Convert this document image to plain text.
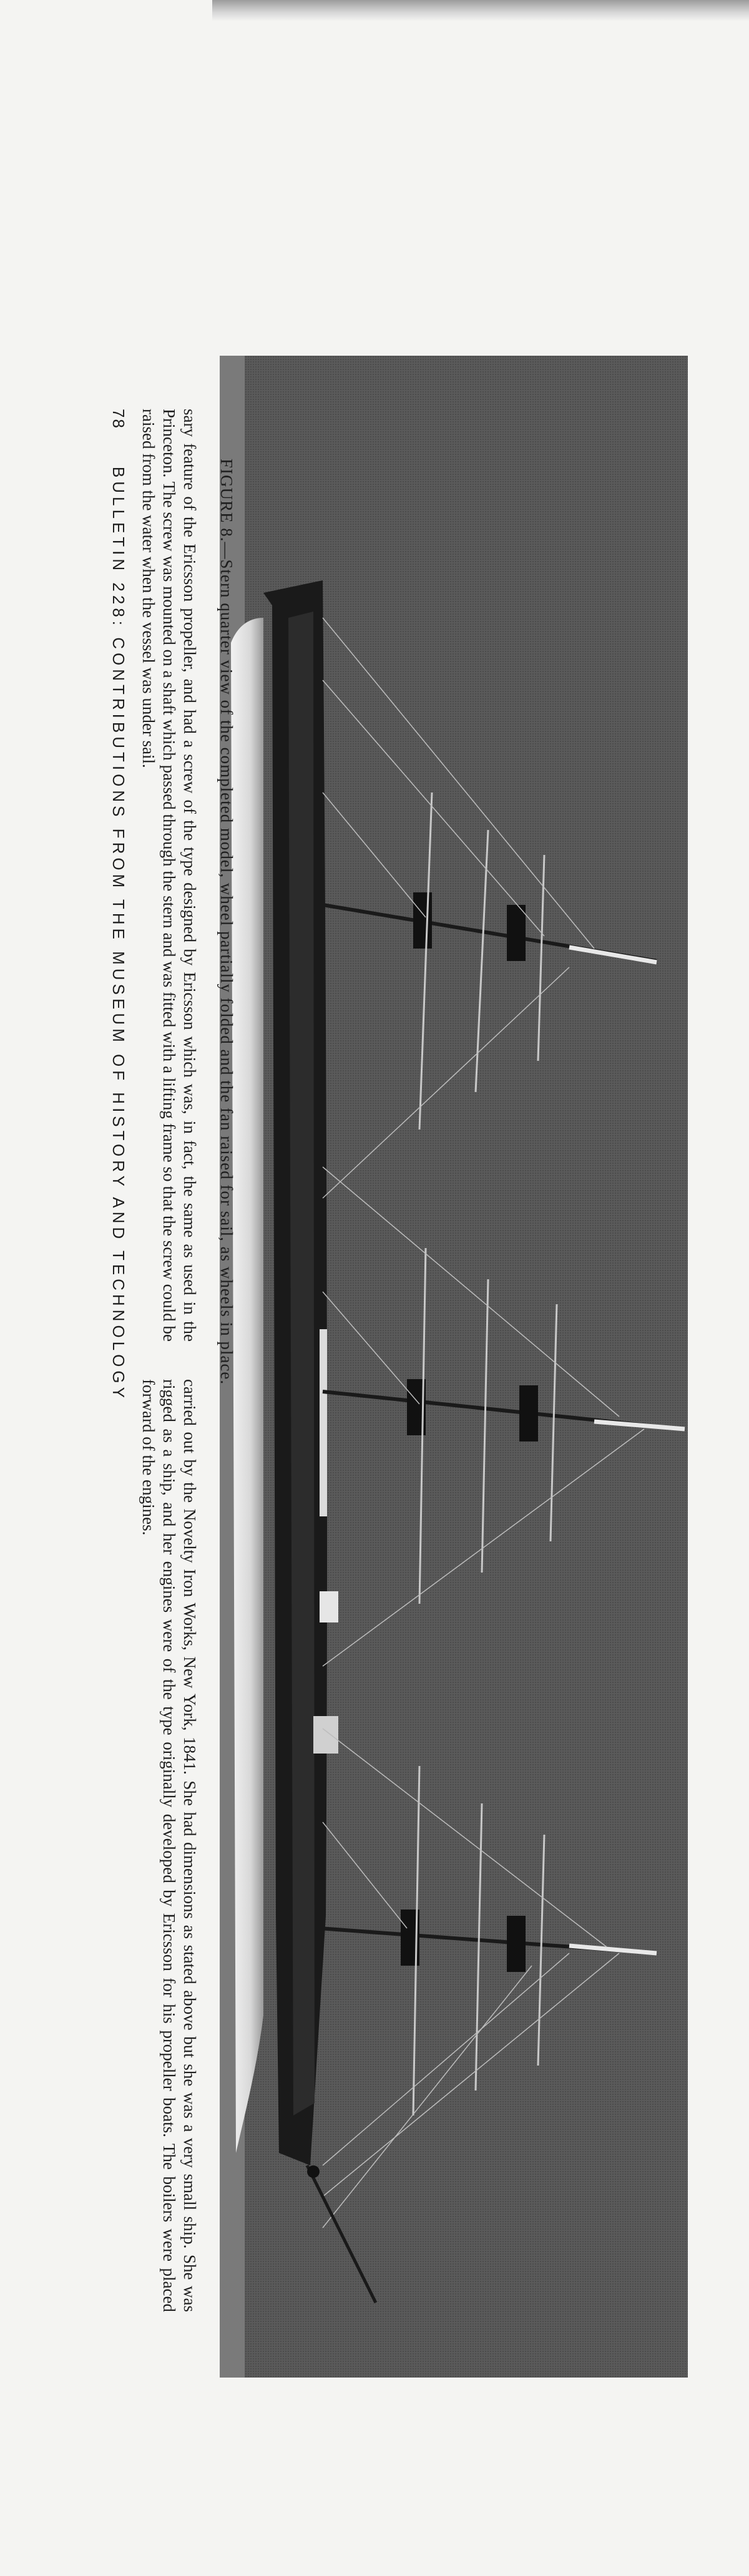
FIGURE 8.—Stern quarter view of the completed model, wheel partially folded and the fan raised for sail, as wheels in place.

sary feature of the Ericsson propeller, and had a screw of the type designed by Ericsson which was, in fact, the same as used in the Princeton. The screw was mounted on a shaft which passed through the stern and was fitted with a lifting frame so that the screw could be raised from the water when the vessel was under sail.

carried out by the Novelty Iron Works, New York, 1841. She had dimensions as stated above but she was a very small ship. She was rigged as a ship, and her engines were of the type originally developed by Ericsson for his propeller boats. The boilers were placed forward of the engines.

78
BULLETIN 228: CONTRIBUTIONS FROM THE MUSEUM OF HISTORY AND TECHNOLOGY
